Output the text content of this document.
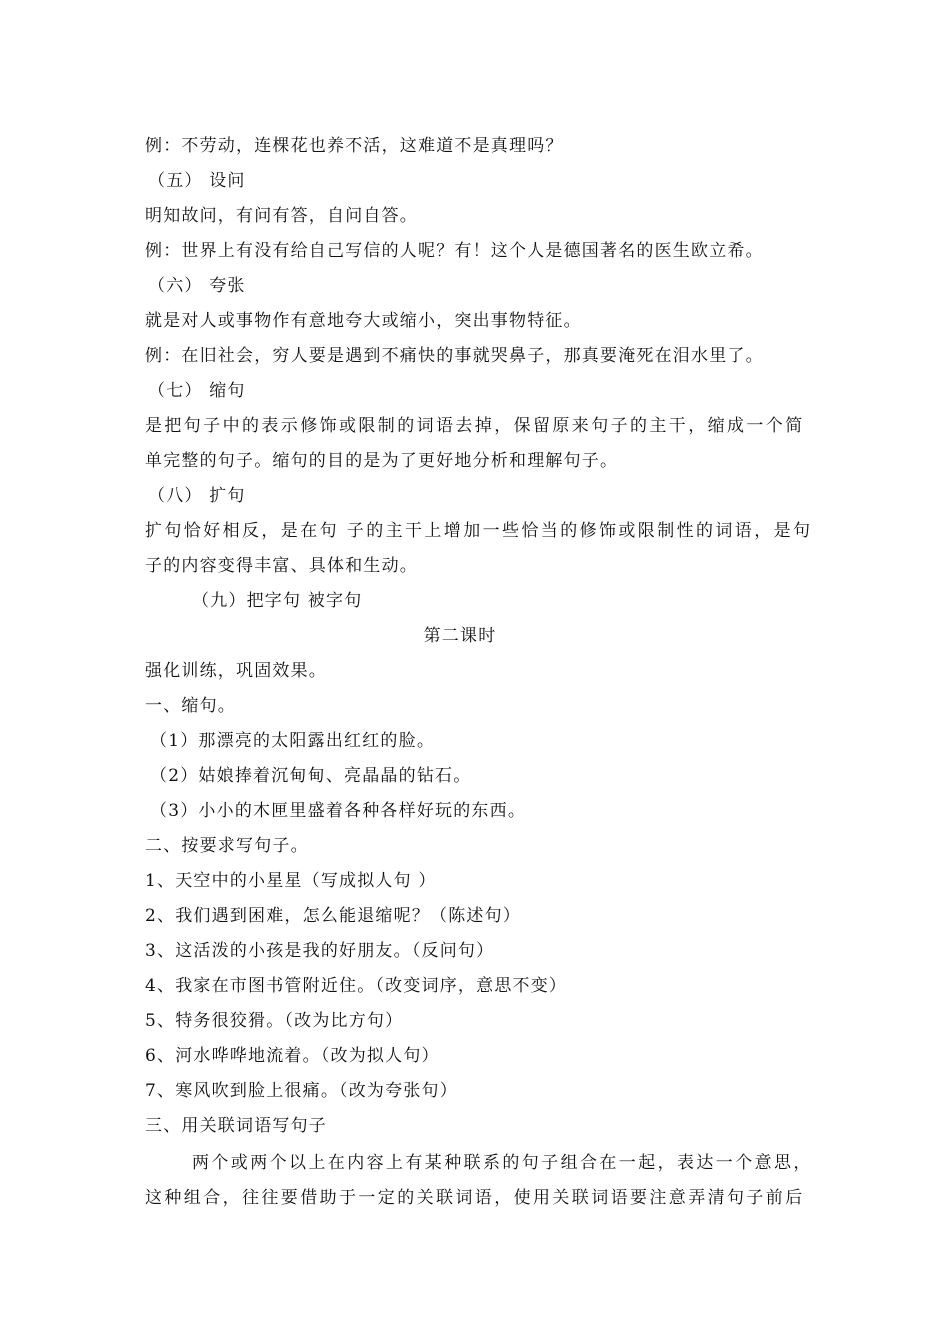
例：不劳动，连棵花也养不活，这难道不是真理吗？
（五） 设问
明知故问，有问有答，自问自答。
例：世界上有没有给自己写信的人呢？有！这个人是德国著名的医生欧立希。
（六） 夸张
就是对人或事物作有意地夸大或缩小，突出事物特征。
例：在旧社会，穷人要是遇到不痛快的事就哭鼻子，那真要淹死在泪水里了。
（七） 缩句
是把句子中的表示修饰或限制的词语去掉，保留原来句子的主干，缩成一个简
单完整的句子。缩句的目的是为了更好地分析和理解句子。
（八） 扩句
扩句恰好相反，是在句 子的主干上增加一些恰当的修饰或限制性的词语，是句
子的内容变得丰富、具体和生动。
（九）把字句 被字句
第二课时
强化训练，巩固效果。
一、缩句。
（1）那漂亮的太阳露出红红的脸。
（2）姑娘捧着沉甸甸、亮晶晶的钻石。
（3）小小的木匣里盛着各种各样好玩的东西。
二、按要求写句子。
1、天空中的小星星（写成拟人句 ）
2、我们遇到困难，怎么能退缩呢？（陈述句）
3、这活泼的小孩是我的好朋友。（反问句）
4、我家在市图书管附近住。（改变词序，意思不变）
5、特务很狡猾。（改为比方句）
6、河水哗哗地流着。（改为拟人句）
7、寒风吹到脸上很痛。（改为夸张句）
三、用关联词语写句子
两个或两个以上在内容上有某种联系的句子组合在一起，表达一个意思，
这种组合，往往要借助于一定的关联词语，使用关联词语要注意弄清句子前后
